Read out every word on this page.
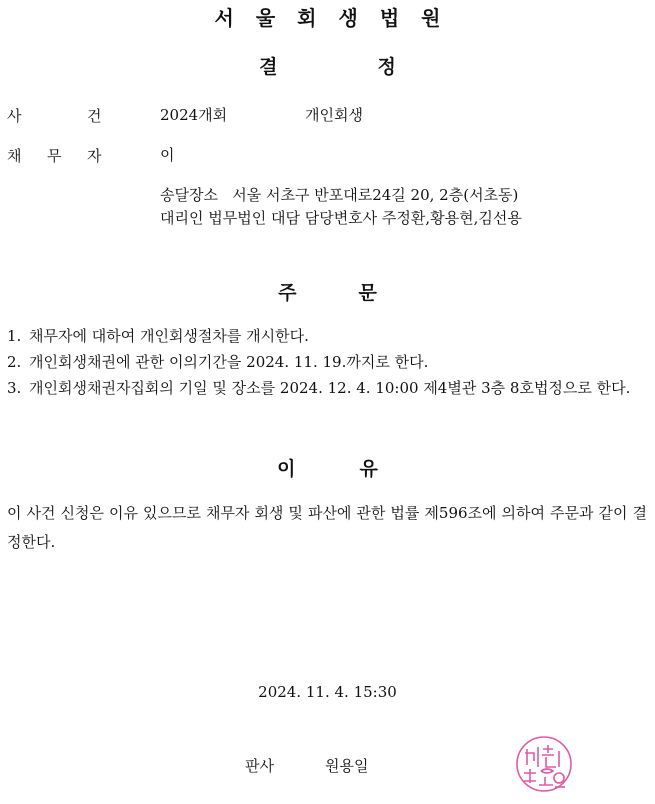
서 울 회 생 법 원
결	정
사	건	2024개회	개인회생
채 무 자	이
송달장소   서울 서초구 반포대로24길 20, 2층(서초동)
대리인 법무법인 대담 담당변호사 주정환,황용현,김선용
주	문
1. 채무자에 대하여 개인회생절차를 개시한다.
2. 개인회생채권에 관한 이의기간을 2024. 11. 19.까지로 한다.
3. 개인회생채권자집회의 기일 및 장소를 2024. 12. 4. 10:00 제4별관 3층 8호법정으로 한다.
이	유
이 사건 신청은 이유 있으므로 채무자 회생 및 파산에 관한 법률 제596조에 의하여 주문과 같이 결정한다.
2024. 11. 4. 15:30
판사	원용일
